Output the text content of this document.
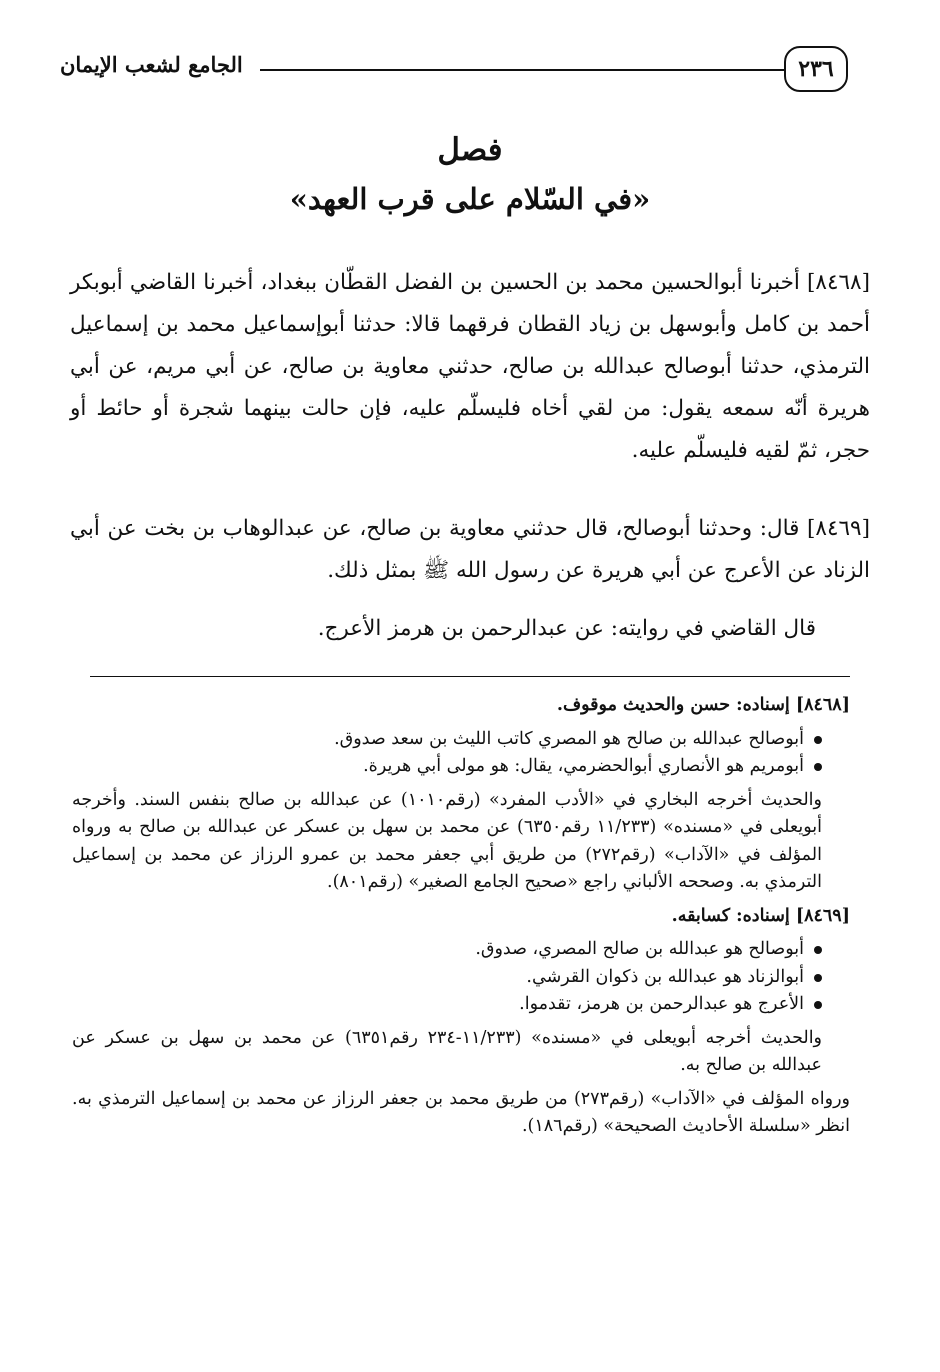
الجامع لشعب الإيمان	٢٣٦
فصل
«في السّلام على قرب العهد»

[٨٤٦٨] أخبرنا أبوالحسين محمد بن الحسين بن الفضل القطّان ببغداد، أخبرنا القاضي أبوبكر أحمد بن كامل وأبوسهل بن زياد القطان فرقهما قالا: حدثنا أبوإسماعيل محمد بن إسماعيل الترمذي، حدثنا أبوصالح عبدالله بن صالح، حدثني معاوية بن صالح، عن أبي مريم، عن أبي هريرة أنّه سمعه يقول: من لقي أخاه فليسلّم عليه، فإن حالت بينهما شجرة أو حائط أو حجر، ثمّ لقيه فليسلّم عليه.

[٨٤٦٩] قال: وحدثنا أبوصالح، قال حدثني معاوية بن صالح، عن عبدالوهاب بن بخت عن أبي الزناد عن الأعرج عن أبي هريرة عن رسول الله ﷺ بمثل ذلك.

قال القاضي في روايته: عن عبدالرحمن بن هرمز الأعرج.

[٨٤٦٨] إسناده: حسن والحديث موقوف.

أبوصالح عبدالله بن صالح هو المصري كاتب الليث بن سعد صدوق.
أبومريم هو الأنصاري أبوالحضرمي، يقال: هو مولى أبي هريرة.

والحديث أخرجه البخاري في «الأدب المفرد» (رقم١٠١٠) عن عبدالله بن صالح بنفس السند. وأخرجه أبويعلى في «مسنده» (١١/٢٣٣ رقم٦٣٥٠) عن محمد بن سهل بن عسكر عن عبدالله بن صالح به ورواه المؤلف في «الآداب» (رقم٢٧٢) من طريق أبي جعفر محمد بن عمرو الرزاز عن محمد بن إسماعيل الترمذي به. وصححه الألباني راجع «صحيح الجامع الصغير» (رقم٨٠١).

[٨٤٦٩] إسناده: كسابقه.

أبوصالح هو عبدالله بن صالح المصري، صدوق.
أبوالزناد هو عبدالله بن ذكوان القرشي.
الأعرج هو عبدالرحمن بن هرمز، تقدموا.

والحديث أخرجه أبويعلى في «مسنده» (١١/٢٣٣-٢٣٤ رقم٦٣٥١) عن محمد بن سهل بن عسكر عن عبدالله بن صالح به.

ورواه المؤلف في «الآداب» (رقم٢٧٣) من طريق محمد بن جعفر الرزاز عن محمد بن إسماعيل الترمذي به. انظر «سلسلة الأحاديث الصحيحة» (رقم١٨٦).
